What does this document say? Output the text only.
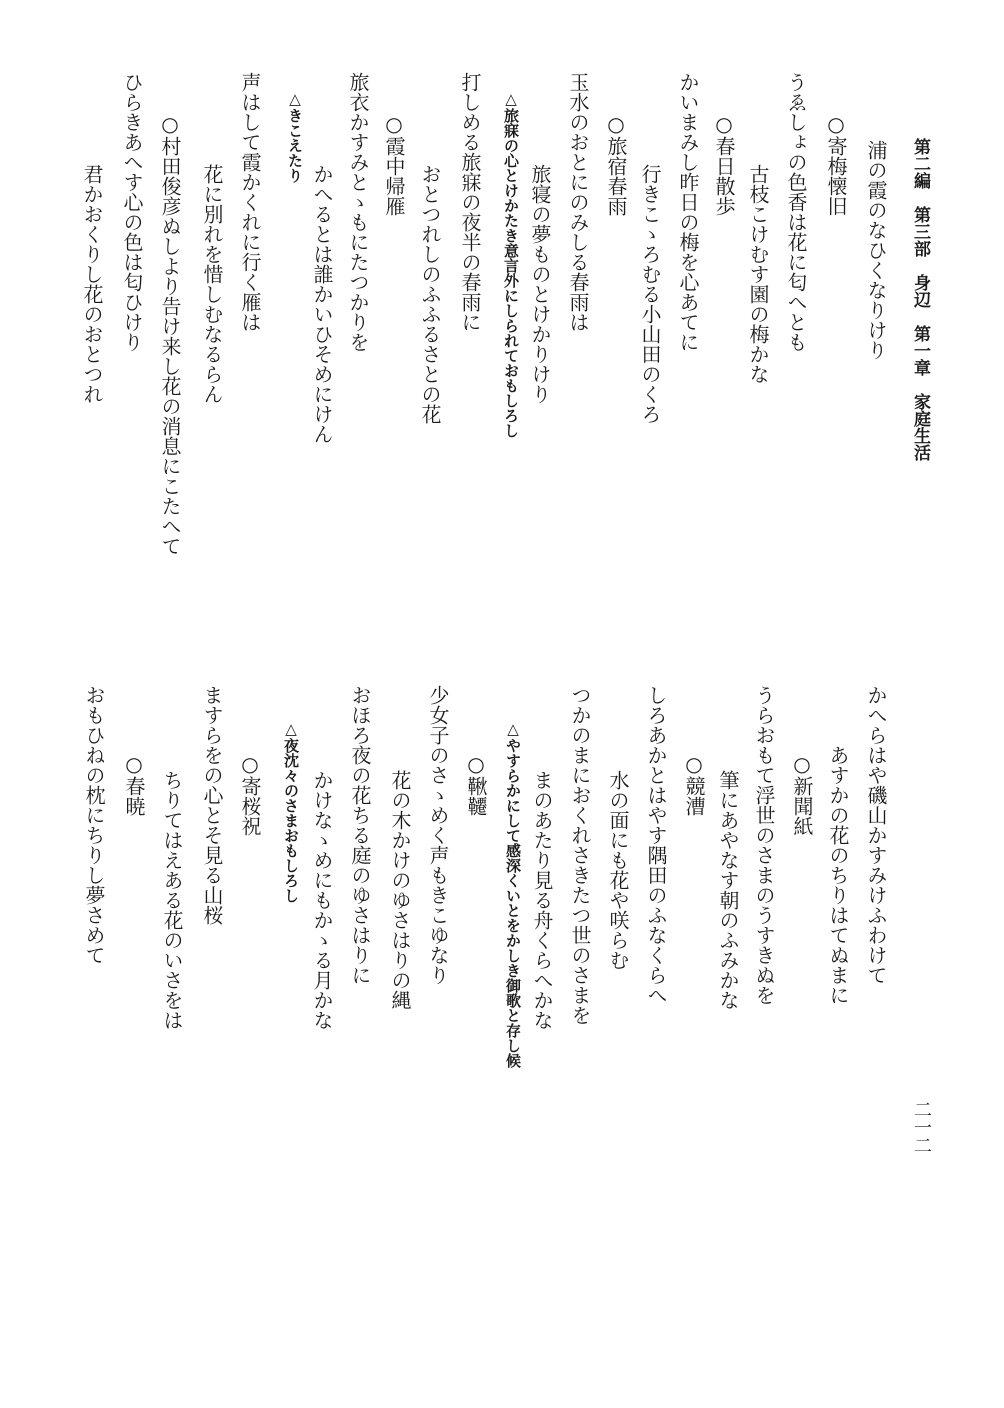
第二編　第三部　身辺　第一章　家庭生活
二一二
浦の霞のなひくなりけり
○寄梅懐旧
うゑしょの色香は花に匂へとも
古枝こけむす園の梅かな
○春日散歩
かいまみし昨日の梅を心あてに
行きこゝろむる小山田のくろ
○旅宿春雨
玉水のおとにのみしる春雨は
旅寝の夢ものとけかりけり
△旅寐の心とけかたき意言外にしられておもしろし
打しめる旅寐の夜半の春雨に
おとつれしのふふるさとの花
○霞中帰雁
旅衣かすみとゝもにたつかりを
かへるとは誰かいひそめにけん
△きこえたり
声はして霞かくれに行く雁は
花に別れを惜しむなるらん
○村田俊彦ぬしより告け来し花の消息にこたへて
ひらきあへす心の色は匂ひけり
君かおくりし花のおとつれ
かへらはや磯山かすみけふわけて
あすかの花のちりはてぬまに
○新聞紙
うらおもて浮世のさまのうすきぬを
筆にあやなす朝のふみかな
○競漕
しろあかとはやす隅田のふなくらへ
水の面にも花や咲らむ
つかのまにおくれさきたつ世のさまを
まのあたり見る舟くらへかな
△やすらかにして感深くいとをかしき御歌と存し候
○鞦韆
少女子のさゝめく声もきこゆなり
花の木かけのゆさはりの縄
おほろ夜の花ちる庭のゆさはりに
かけなゝめにもかゝる月かな
△夜沈々のさまおもしろし
○寄桜祝
ますらをの心とそ見る山桜
ちりてはえある花のいさをは
○春暁
おもひねの枕にちりし夢さめて
